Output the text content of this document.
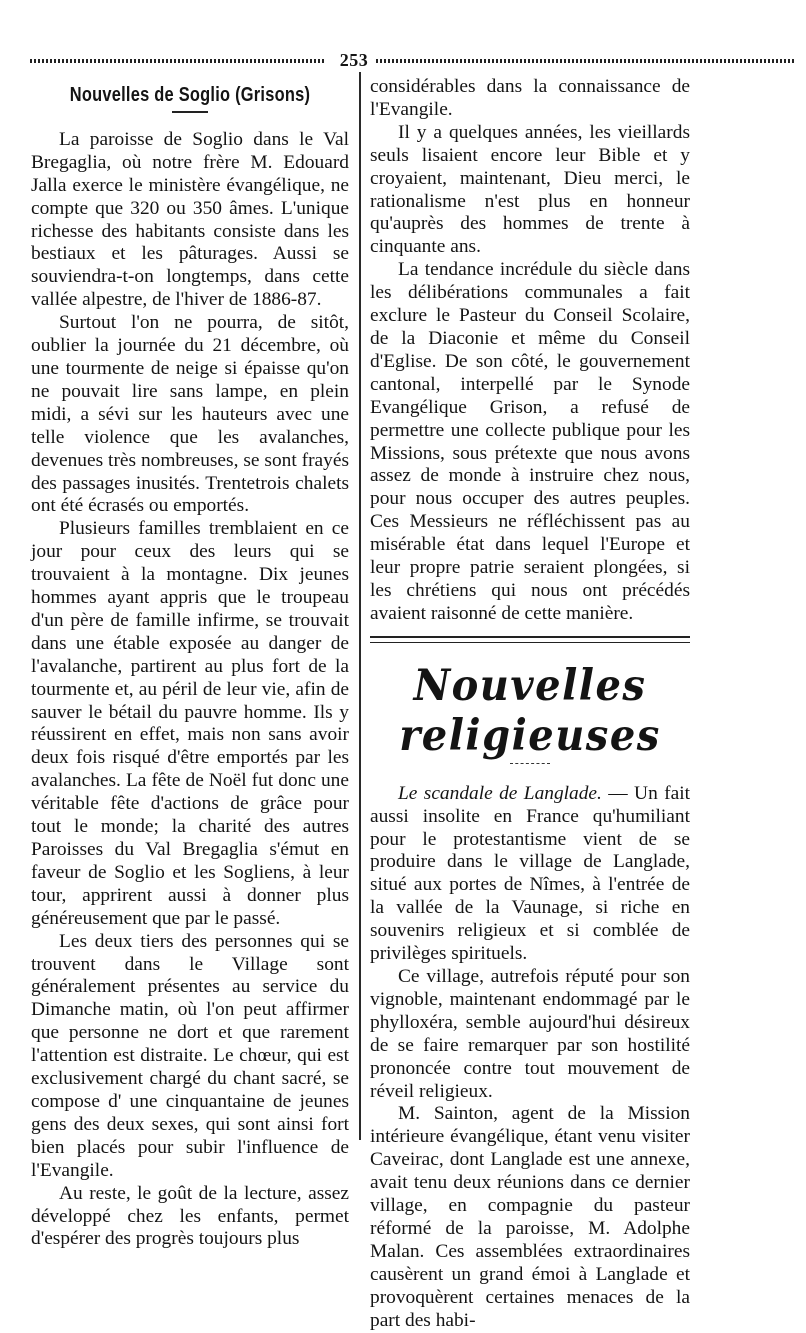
253
Nouvelles de Soglio (Grisons)

La paroisse de Soglio dans le Val Bregaglia, où notre frère M. Edouard Jalla exerce le ministère évangélique, ne compte que 320 ou 350 âmes. L'unique richesse des habitants consiste dans les bestiaux et les pâturages. Aussi se souviendra-t-on longtemps, dans cette vallée alpestre, de l'hiver de 1886-87.

Surtout l'on ne pourra, de sitôt, oublier la journée du 21 décembre, où une tourmente de neige si épaisse qu'on ne pouvait lire sans lampe, en plein midi, a sévi sur les hauteurs avec une telle violence que les avalanches, devenues très nombreuses, se sont frayés des passages inusités. Trentetrois chalets ont été écrasés ou emportés.

Plusieurs familles tremblaient en ce jour pour ceux des leurs qui se trouvaient à la montagne. Dix jeunes hommes ayant appris que le troupeau d'un père de famille infirme, se trouvait dans une étable exposée au danger de l'avalanche, partirent au plus fort de la tourmente et, au péril de leur vie, afin de sauver le bétail du pauvre homme. Ils y réussirent en effet, mais non sans avoir deux fois risqué d'être emportés par les avalanches. La fête de Noël fut donc une véritable fête d'actions de grâce pour tout le monde; la charité des autres Paroisses du Val Bregaglia s'émut en faveur de Soglio et les Sogliens, à leur tour, apprirent aussi à donner plus généreusement que par le passé.

Les deux tiers des personnes qui se trouvent dans le Village sont généralement présentes au service du Dimanche matin, où l'on peut affirmer que personne ne dort et que rarement l'attention est distraite. Le chœur, qui est exclusivement chargé du chant sacré, se compose d' une cinquantaine de jeunes gens des deux sexes, qui sont ainsi fort bien placés pour subir l'influence de l'Evangile.

Au reste, le goût de la lecture, assez développé chez les enfants, permet d'espérer des progrès toujours plus

considérables dans la connaissance de l'Evangile.

Il y a quelques années, les vieillards seuls lisaient encore leur Bible et y croyaient, maintenant, Dieu merci, le rationalisme n'est plus en honneur qu'auprès des hommes de trente à cinquante ans.

La tendance incrédule du siècle dans les délibérations communales a fait exclure le Pasteur du Conseil Scolaire, de la Diaconie et même du Conseil d'Eglise. De son côté, le gouvernement cantonal, interpellé par le Synode Evangélique Grison, a refusé de permettre une collecte publique pour les Missions, sous prétexte que nous avons assez de monde à instruire chez nous, pour nous occuper des autres peuples. Ces Messieurs ne réfléchissent pas au misérable état dans lequel l'Europe et leur propre patrie seraient plongées, si les chrétiens qui nous ont précédés avaient raisonné de cette manière.

Nouvelles religieuses

Le scandale de Langlade. — Un fait aussi insolite en France qu'humiliant pour le protestantisme vient de se produire dans le village de Langlade, situé aux portes de Nîmes, à l'entrée de la vallée de la Vaunage, si riche en souvenirs religieux et si comblée de privilèges spirituels.

Ce village, autrefois réputé pour son vignoble, maintenant endommagé par le phylloxéra, semble aujourd'hui désireux de se faire remarquer par son hostilité prononcée contre tout mouvement de réveil religieux.

M. Sainton, agent de la Mission intérieure évangélique, étant venu visiter Caveirac, dont Langlade est une annexe, avait tenu deux réunions dans ce dernier village, en compagnie du pasteur réformé de la paroisse, M. Adolphe Malan. Ces assemblées extraordinaires causèrent un grand émoi à Langlade et provoquèrent certaines menaces de la part des habi-
